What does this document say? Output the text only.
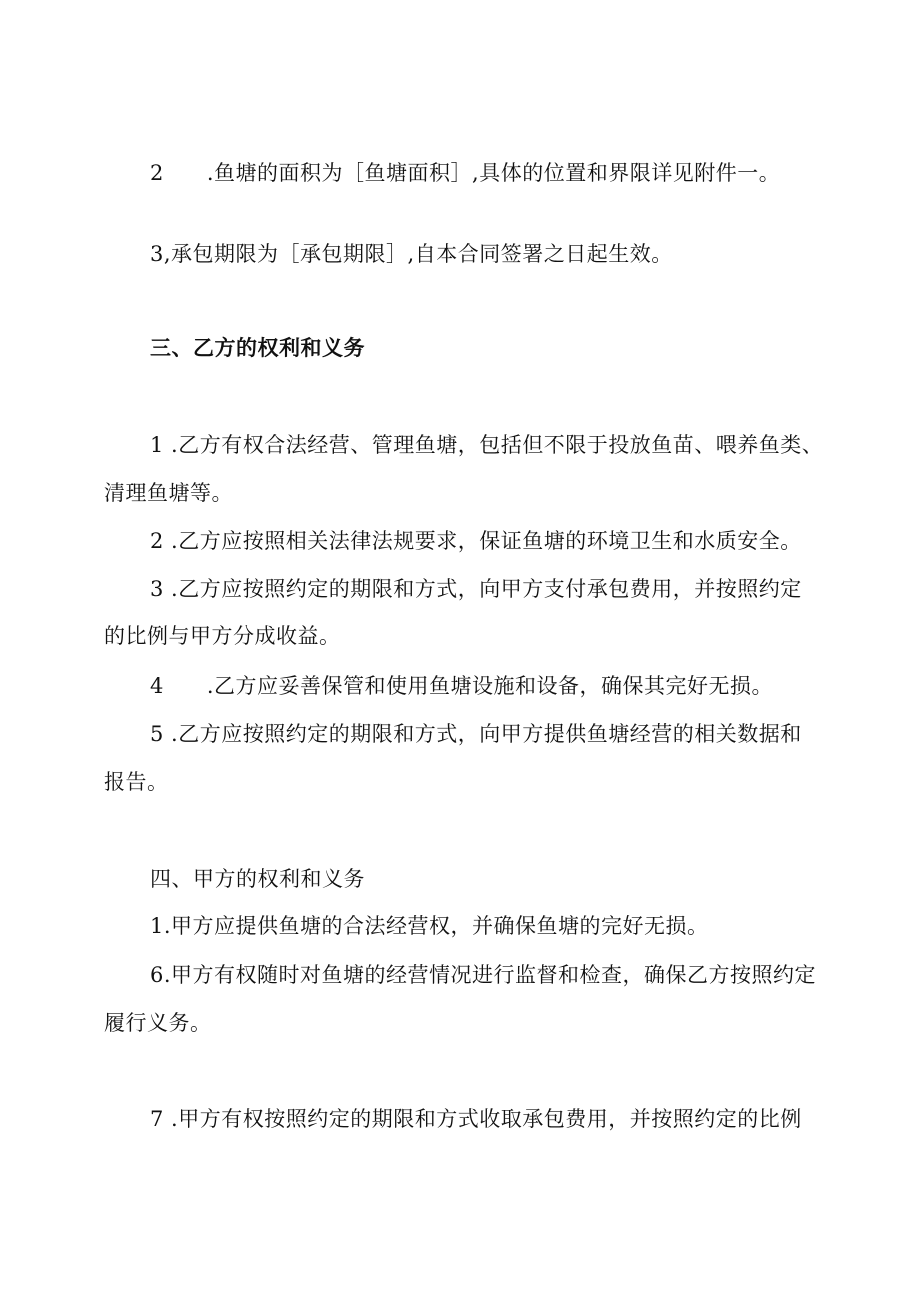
2　　.鱼塘的面积为［鱼塘面积］,具体的位置和界限详见附件一。
3,承包期限为［承包期限］,自本合同签署之日起生效。
三、乙方的权利和义务
1 .乙方有权合法经营、管理鱼塘，包括但不限于投放鱼苗、喂养鱼类、
清理鱼塘等。
2 .乙方应按照相关法律法规要求，保证鱼塘的环境卫生和水质安全。
3 .乙方应按照约定的期限和方式，向甲方支付承包费用，并按照约定
的比例与甲方分成收益。
4　　.乙方应妥善保管和使用鱼塘设施和设备，确保其完好无损。
5 .乙方应按照约定的期限和方式，向甲方提供鱼塘经营的相关数据和
报告。
四、甲方的权利和义务
1.甲方应提供鱼塘的合法经营权，并确保鱼塘的完好无损。
6.甲方有权随时对鱼塘的经营情况进行监督和检查，确保乙方按照约定
履行义务。
7 .甲方有权按照约定的期限和方式收取承包费用，并按照约定的比例
